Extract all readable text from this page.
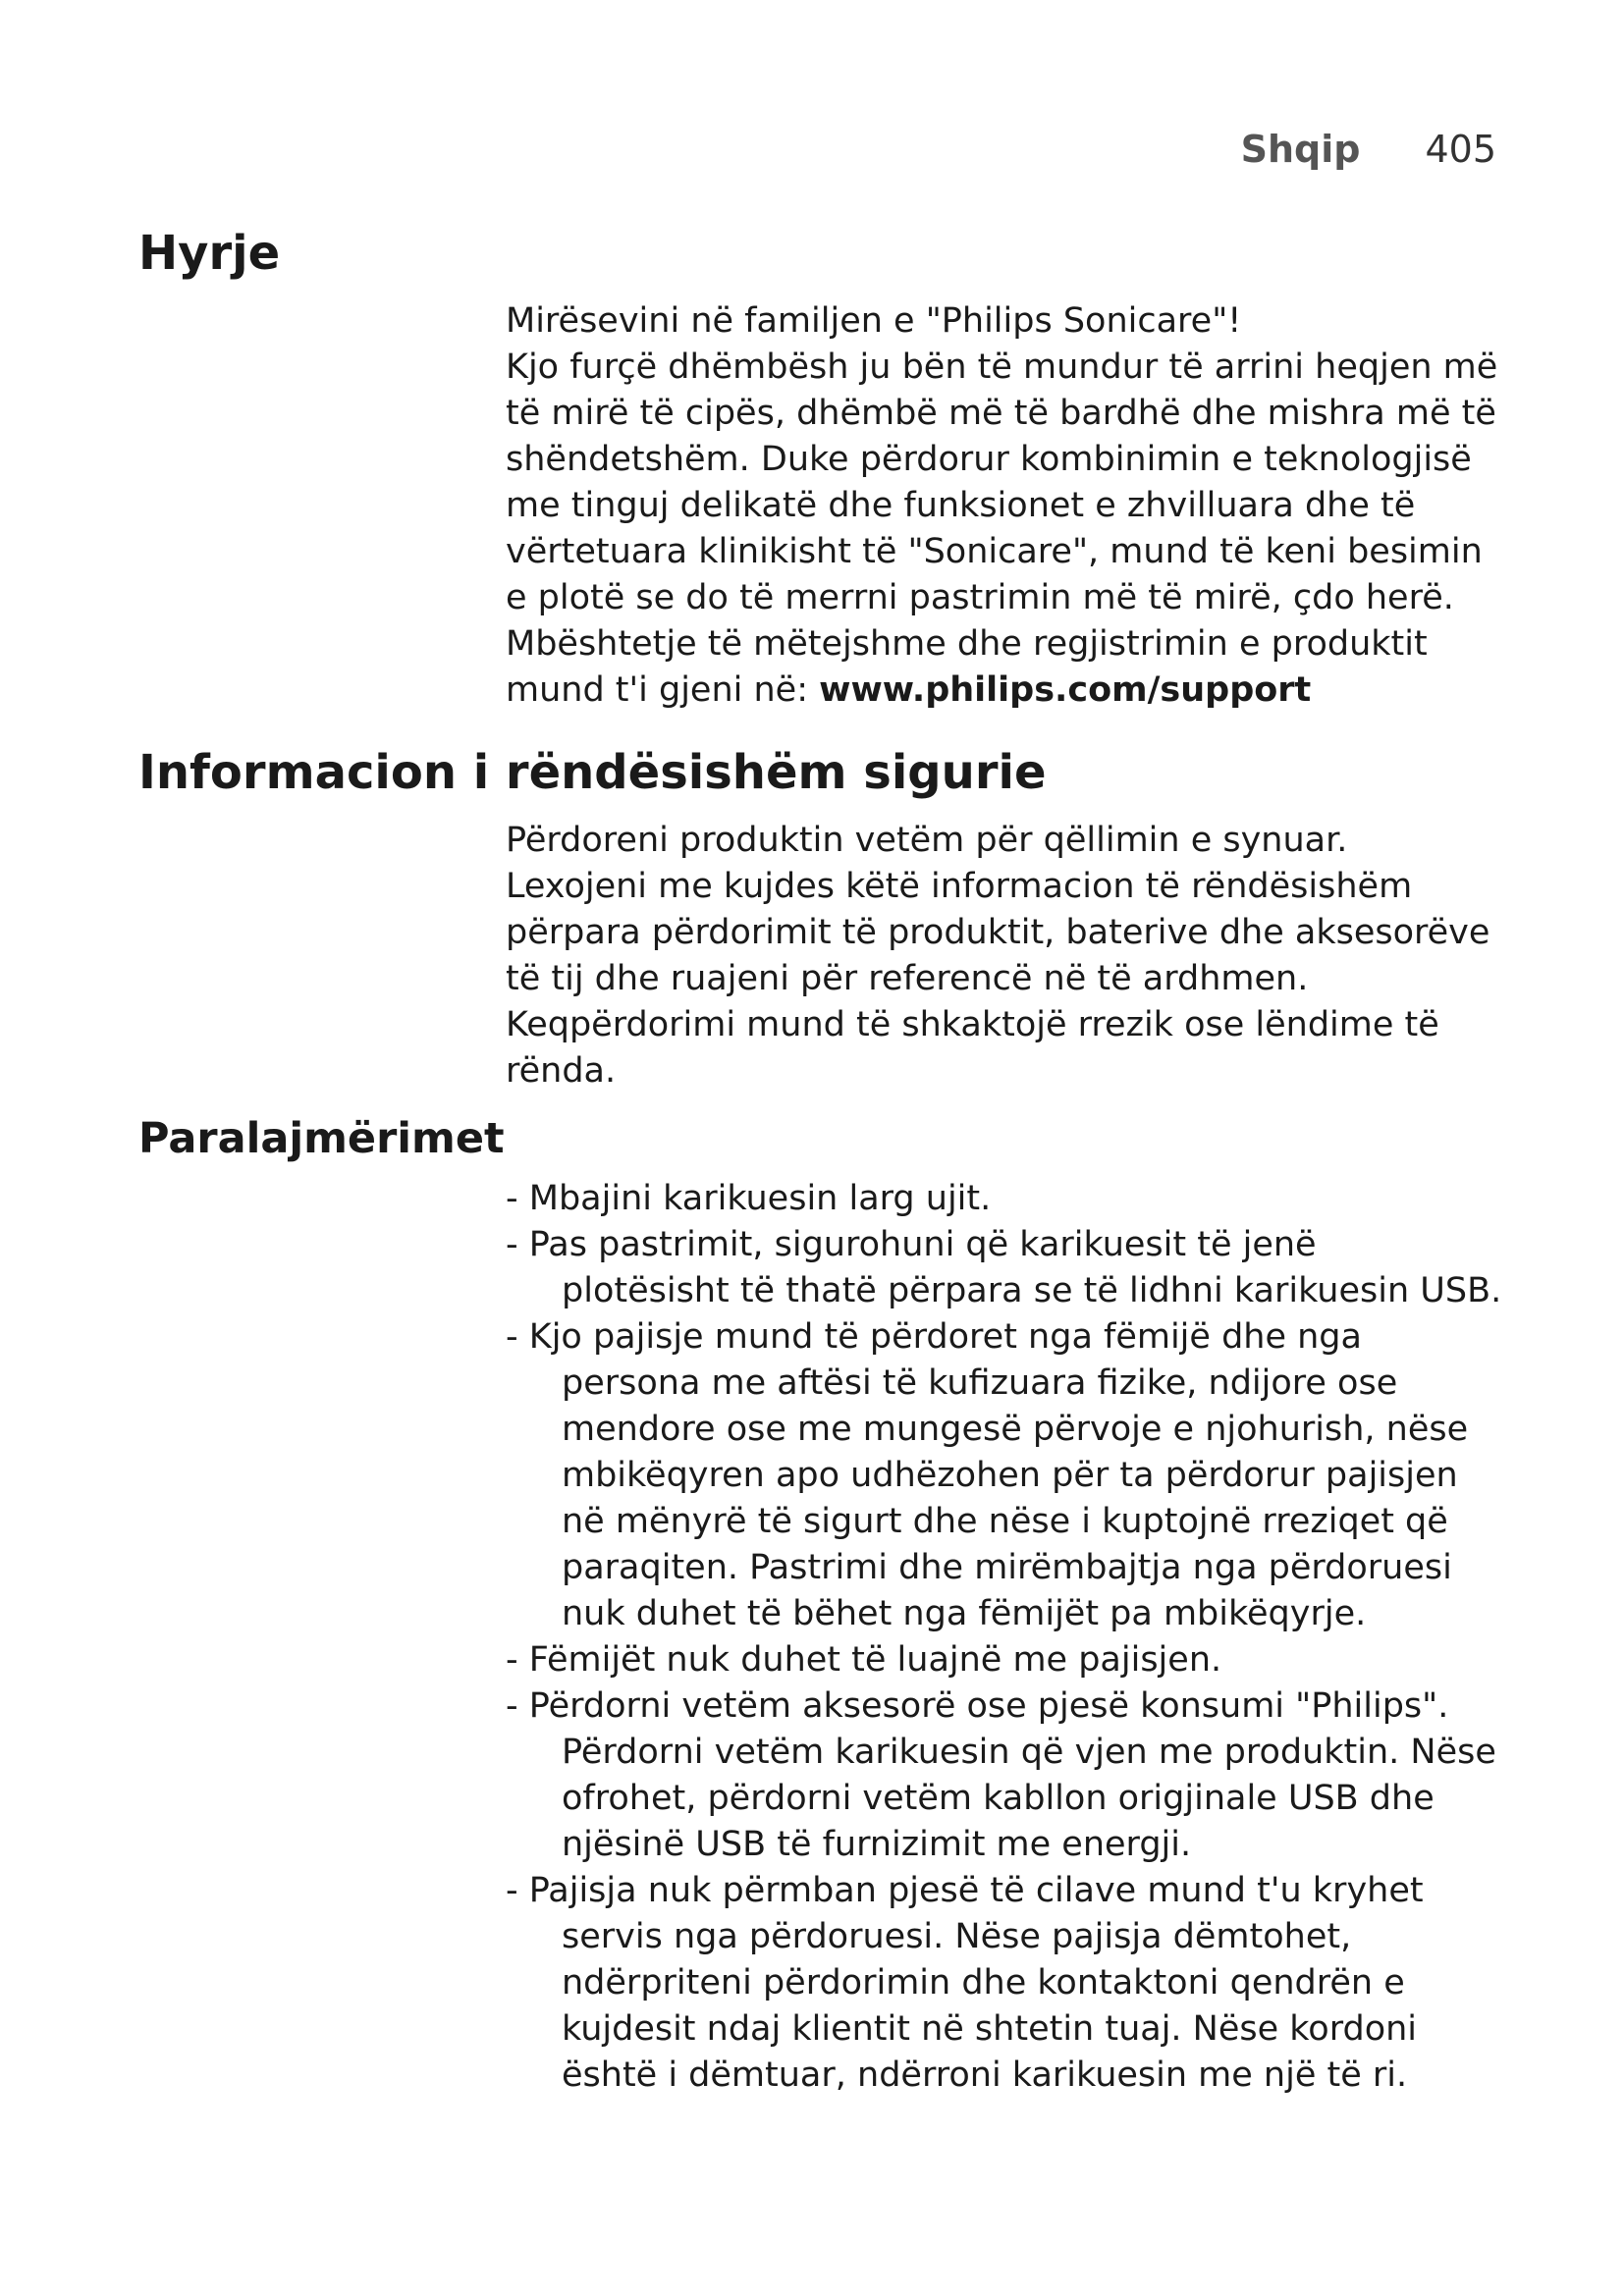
Shqip 405
Hyrje
Mirësevini në familjen e "Philips Sonicare"!
Kjo furçë dhëmbësh ju bën të mundur të arrini heqjen më
të mirë të cipës, dhëmbë më të bardhë dhe mishra më të
shëndetshëm. Duke përdorur kombinimin e teknologjisë
me tinguj delikatë dhe funksionet e zhvilluara dhe të
vërtetuara klinikisht të "Sonicare", mund të keni besimin
e plotë se do të merrni pastrimin më të mirë, çdo herë.
Mbështetje të mëtejshme dhe regjistrimin e produktit
mund t'i gjeni në: www.philips.com/support
Informacion i rëndësishëm sigurie
Përdoreni produktin vetëm për qëllimin e synuar.
Lexojeni me kujdes këtë informacion të rëndësishëm
përpara përdorimit të produktit, baterive dhe aksesorëve
të tij dhe ruajeni për referencë në të ardhmen.
Keqpërdorimi mund të shkaktojë rrezik ose lëndime të
rënda.
Paralajmërimet
- Mbajini karikuesin larg ujit.
- Pas pastrimit, sigurohuni që karikuesit të jenë
plotësisht të thatë përpara se të lidhni karikuesin USB.
- Kjo pajisje mund të përdoret nga fëmijë dhe nga
persona me aftësi të kufizuara fizike, ndijore ose
mendore ose me mungesë përvoje e njohurish, nëse
mbikëqyren apo udhëzohen për ta përdorur pajisjen
në mënyrë të sigurt dhe nëse i kuptojnë rreziqet që
paraqiten. Pastrimi dhe mirëmbajtja nga përdoruesi
nuk duhet të bëhet nga fëmijët pa mbikëqyrje.
- Fëmijët nuk duhet të luajnë me pajisjen.
- Përdorni vetëm aksesorë ose pjesë konsumi "Philips".
Përdorni vetëm karikuesin që vjen me produktin. Nëse
ofrohet, përdorni vetëm kabllon origjinale USB dhe
njësinë USB të furnizimit me energji.
- Pajisja nuk përmban pjesë të cilave mund t'u kryhet
servis nga përdoruesi. Nëse pajisja dëmtohet,
ndërpriteni përdorimin dhe kontaktoni qendrën e
kujdesit ndaj klientit në shtetin tuaj. Nëse kordoni
është i dëmtuar, ndërroni karikuesin me një të ri.
